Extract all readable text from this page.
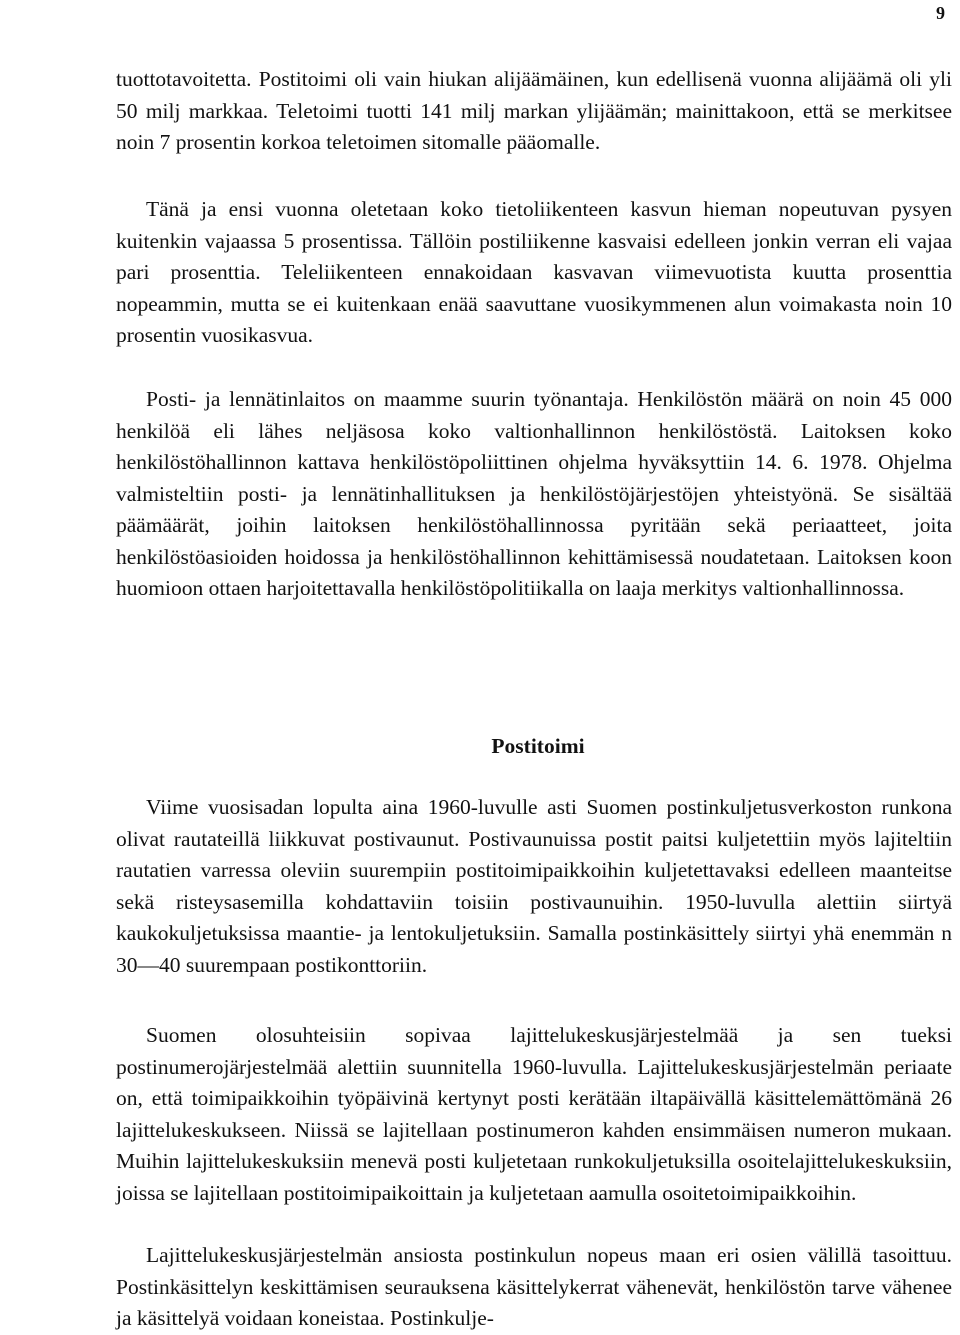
9

tuottotavoitetta. Postitoimi oli vain hiukan alijäämäinen, kun edellisenä vuonna alijäämä oli yli 50 milj markkaa. Teletoimi tuotti 141 milj markan ylijäämän; mainittakoon, että se merkitsee noin 7 prosentin korkoa teletoimen sitomalle pääomalle.

Tänä ja ensi vuonna oletetaan koko tietoliikenteen kasvun hieman nopeutuvan pysyen kuitenkin vajaassa 5 prosentissa. Tällöin postiliikenne kasvaisi edelleen jonkin verran eli vajaa pari prosenttia. Teleliikenteen ennakoidaan kasvavan viimevuotista kuutta prosenttia nopeammin, mutta se ei kuitenkaan enää saavuttane vuosikymmenen alun voimakasta noin 10 prosentin vuosikasvua.

Posti- ja lennätinlaitos on maamme suurin työnantaja. Henkilöstön määrä on noin 45 000 henkilöä eli lähes neljäsosa koko valtionhallinnon henkilöstöstä. Laitoksen koko henkilöstöhallinnon kattava henkilöstöpoliittinen ohjelma hyväksyttiin 14. 6. 1978. Ohjelma valmisteltiin posti- ja lennätinhallituksen ja henkilöstöjärjestöjen yhteistyönä. Se sisältää päämäärät, joihin laitoksen henkilöstöhallinnossa pyritään sekä periaatteet, joita henkilöstöasioiden hoidossa ja henkilöstöhallinnon kehittämisessä noudatetaan. Laitoksen koon huomioon ottaen harjoitettavalla henkilöstöpolitiikalla on laaja merkitys valtionhallinnossa.

Postitoimi

Viime vuosisadan lopulta aina 1960-luvulle asti Suomen postinkuljetusverkoston runkona olivat rautateillä liikkuvat postivaunut. Postivaunuissa postit paitsi kuljetettiin myös lajiteltiin rautatien varressa oleviin suurempiin postitoimipaikkoihin kuljetettavaksi edelleen maanteitse sekä risteysasemilla kohdattaviin toisiin postivaunuihin. 1950-luvulla alettiin siirtyä kaukokuljetuksissa maantie- ja lentokuljetuksiin. Samalla postinkäsittely siirtyi yhä enemmän n 30—40 suurempaan postikonttoriin.

Suomen olosuhteisiin sopivaa lajittelukeskusjärjestelmää ja sen tueksi postinumerojärjestelmää alettiin suunnitella 1960-luvulla. Lajittelukeskusjärjestelmän periaate on, että toimipaikkoihin työpäivinä kertynyt posti kerätään iltapäivällä käsittelemättömänä 26 lajittelukeskukseen. Niissä se lajitellaan postinumeron kahden ensimmäisen numeron mukaan. Muihin lajittelukeskuksiin menevä posti kuljetetaan runkokuljetuksilla osoitelajittelukeskuksiin, joissa se lajitellaan postitoimipaikoittain ja kuljetetaan aamulla osoitetoimipaikkoihin.

Lajittelukeskusjärjestelmän ansiosta postinkulun nopeus maan eri osien välillä tasoittuu. Postinkäsittelyn keskittämisen seurauksena käsittelykerrat vähenevät, henkilöstön tarve vähenee ja käsittelyä voidaan koneistaa. Postinkulje-
